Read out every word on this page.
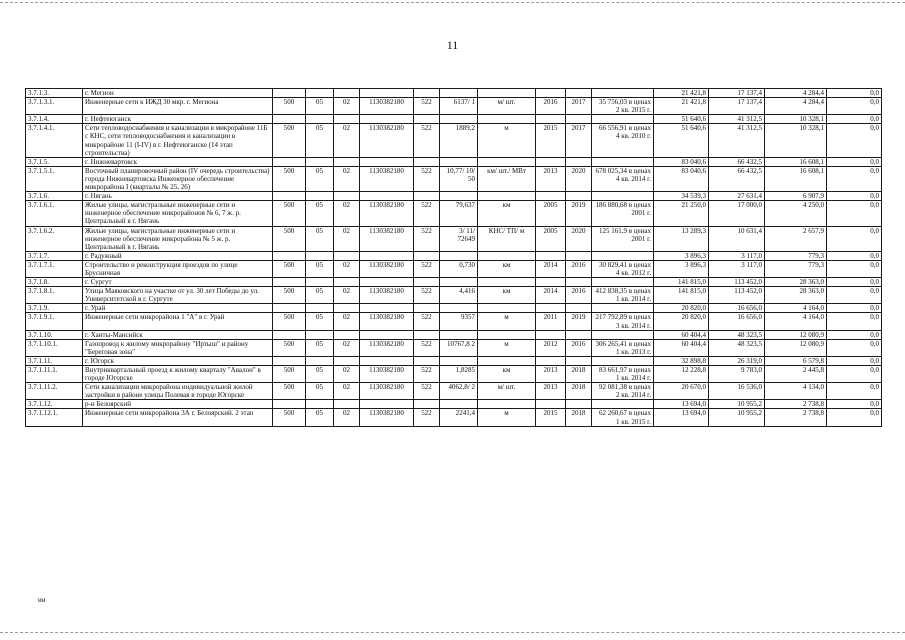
11
3.7.1.3.	г. Мегион											21 421,8	17 137,4	4 284,4	0,0
3.7.1.3.1.	Инженерные сети к ИЖД 30 мкр. г. Мегиона	500	05	02	1130382180	522	6137/ 1	м/ шт.	2016	2017	35 756,03 в ценах 2 кв. 2015 г.	21 421,8	17 137,4	4 284,4	0,0
3.7.1.4.	г. Нефтеюганск											51 640,6	41 312,5	10 328,1	0,0
3.7.1.4.1.	Сети тепловодоснабжения и канализации в микрорайоне 11Б с КНС, сети тепловодоснабжения и канализации в микрорайоне 11 (I-IV) в г. Нефтеюганске (14 этап строительства)	500	05	02	1130382180	522	1889,2	м	2015	2017	66 556,91 в ценах 4 кв. 2010 г.	51 640,6	41 312,5	10 328,1	0,0
3.7.1.5.	г. Нижневартовск											83 040,6	66 432,5	16 608,1	0,0
3.7.1.5.1.	Восточный планировочный район (IV очередь строительства) города Нижневартовска Инженерное обеспечение микрорайона I (кварталы № 25, 26)	500	05	02	1130382180	522	10,77/ 10/ 50	км/ шт./ МВт	2013	2020	678 025,34 в ценах 4 кв. 2014 г.	83 040,6	66 432,5	16 608,1	0,0
3.7.1.6.	г. Нягань											34 539,3	27 631,4	6 907,9	0,0
3.7.1.6.1.	Жилые улицы, магистральные инженерные сети и инженерное обеспечение микрорайонов № 6, 7 ж. р. Центральный в г. Нягань	500	05	02	1130382180	522	79,637	км	2005	2019	186 880,68 в ценах 2001 г.	21 250,0	17 000,0	4 250,0	0,0
3.7.1.6.2.	Жилые улицы, магистральные инженерные сети и инженерное обеспечение микрорайона № 5 ж. р. Центральный в г. Нягань	500	05	02	1130382180	522	3/ 11/ 72649	КНС/ ТП/ м	2005	2020	125 161,9 в ценах 2001 г.	13 289,3	10 631,4	2 657,9	0,0
3.7.1.7.	г. Радужный											3 896,3	3 117,0	779,3	0,0
3.7.1.7.1.	Строительство и реконструкция проездов по улице Брусничная	500	05	02	1130382180	522	0,730	км	2014	2016	30 829,41 в ценах 4 кв. 2012 г.	3 896,3	3 117,0	779,3	0,0
3.7.1.8.	г. Сургут											141 815,0	113 452,0	28 363,0	0,0
3.7.1.8.1.	Улица Маяковского на участке от ул. 30 лет Победы до ул. Университетской в г. Сургуте	500	05	02	1130382180	522	4,416	км	2014	2016	412 838,35 в ценах 1 кв. 2014 г.	141 815,0	113 452,0	28 363,0	0,0
3.7.1.9.	г. Урай											20 820,0	16 656,0	4 164,0	0,0
3.7.1.9.1.	Инженерные сети микрорайона 1 "А" в г. Урай	500	05	02	1130382180	522	9357	м	2011	2019	217 792,89 в ценах 3 кв. 2014 г.	20 820,0	16 656,0	4 164,0	0,0
3.7.1.10.	г. Ханты-Мансийск											60 404,4	48 323,5	12 080,9	0,0
3.7.1.10.1.	Газопровод к жилому микрорайону "Иртыш" и району "Береговая зона"	500	05	02	1130382180	522	10767,8 2	м	2012	2016	306 265,41 в ценах 1 кв. 2013 г.	60 404,4	48 323,5	12 080,9	0,0
3.7.1.11.	г. Югорск											32 898,8	26 319,0	6 579,8	0,0
3.7.1.11.1.	Внутриквартальный проезд к жилому кварталу "Авалон" в городе Югорске	500	05	02	1130382180	522	1,8285	км	2013	2018	83 661,97 в ценах 1 кв. 2014 г.	12 228,8	9 783,0	2 445,8	0,0
3.7.1.11.2.	Сети канализации микрорайона индивидуальной жилой застройки в районе улицы Полевая в городе Югорске	500	05	02	1130382180	522	4062,8/ 2	м/ шт.	2013	2018	92 081,38 в ценах 2 кв. 2014 г.	20 670,0	16 536,0	4 134,0	0,0
3.7.1.12.	р-н Белоярский											13 694,0	10 955,2	2 738,8	0,0
3.7.1.12.1.	Инженерные сети микрорайона 3А г. Белоярский. 2 этап	500	05	02	1130382180	522	2241,4	м	2015	2018	62 260,67 в ценах 1 кв. 2015 г.	13 694,0	10 955,2	2 738,8	0,0
ии
